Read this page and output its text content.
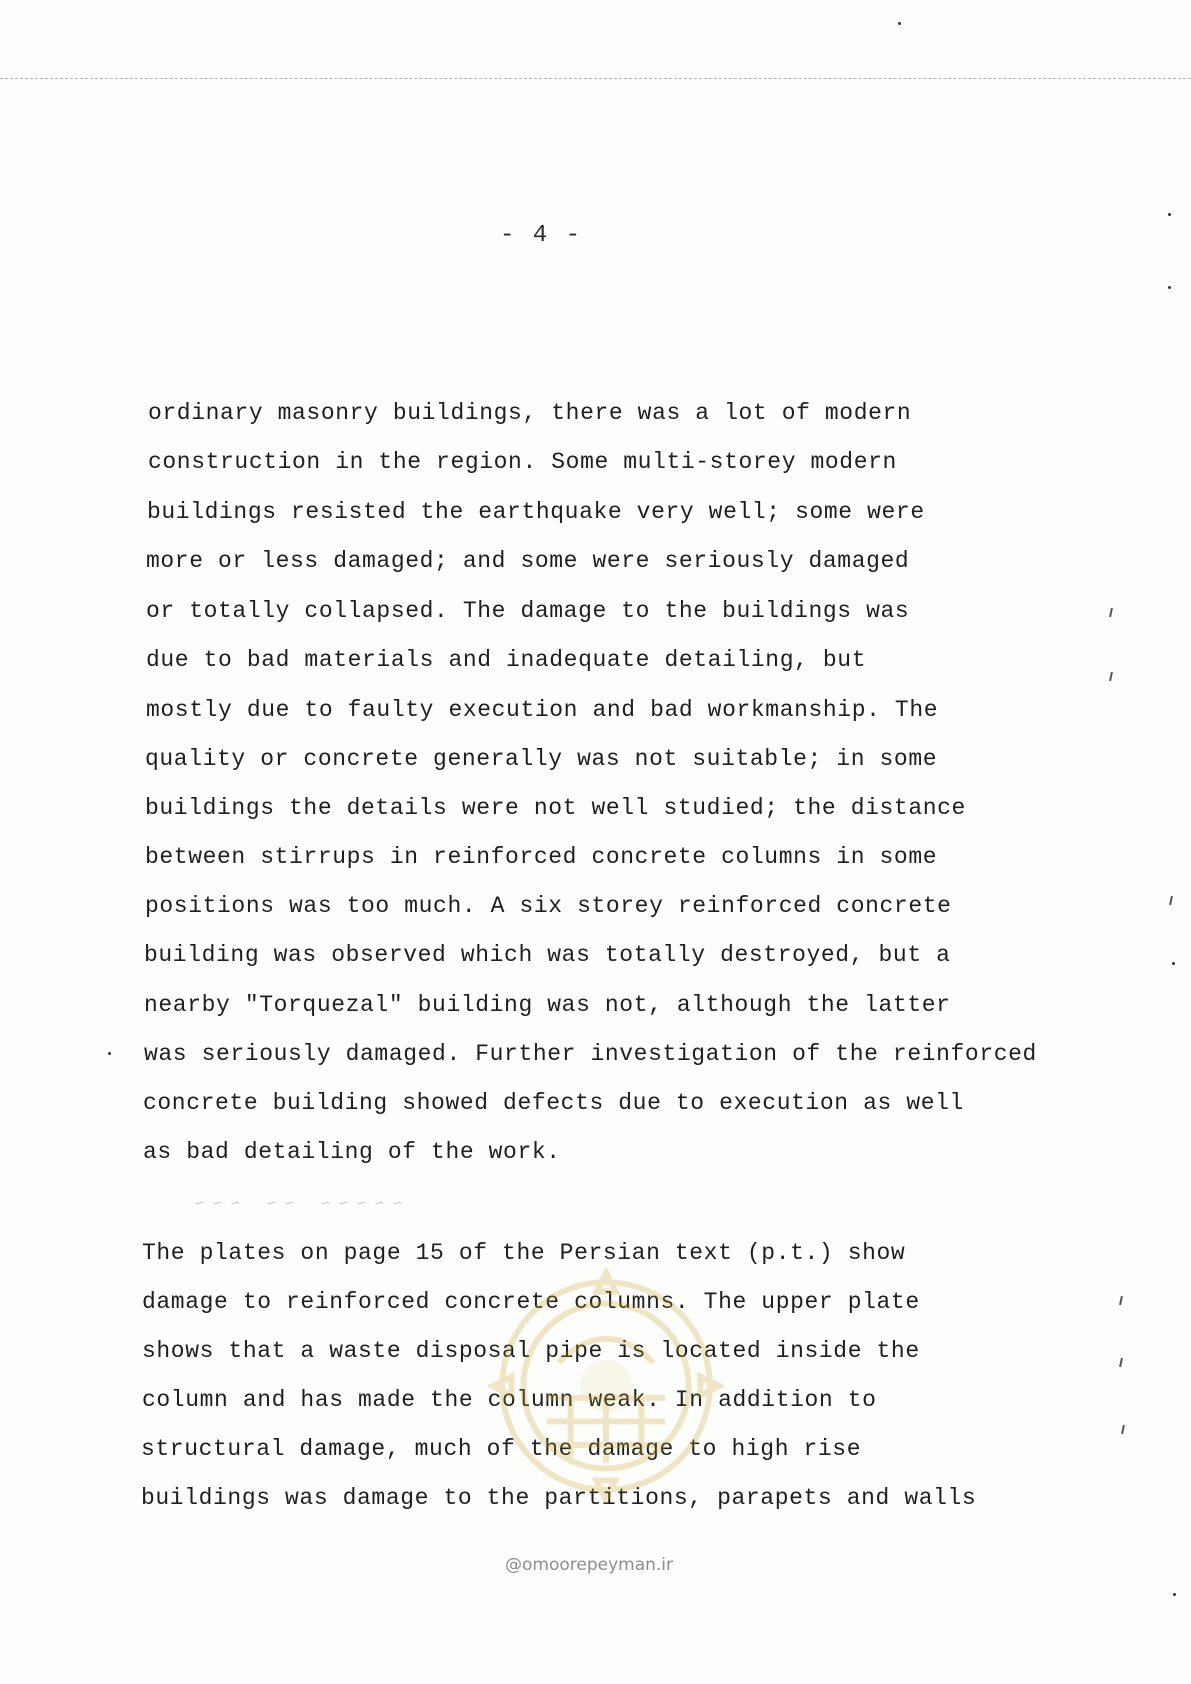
- 4 -
ordinary masonry buildings, there was a lot of modern
construction in the region. Some multi-storey modern
buildings resisted the earthquake very well; some were
more or less damaged; and some were seriously damaged
or totally collapsed. The damage to the buildings was
due to bad materials and inadequate detailing, but
mostly due to faulty execution and bad workmanship. The
quality or concrete generally was not suitable; in some
buildings the details were not well studied; the distance
between stirrups in reinforced concrete columns in some
positions was too much. A six storey reinforced concrete
building was observed which was totally destroyed, but a
nearby "Torquezal" building was not, although the latter
was seriously damaged. Further investigation of the reinforced
concrete building showed defects due to execution as well
as bad detailing of the work.
~ ~ ~ ~ ~   ~ ~   ~ ~ ~
The plates on page 15 of the Persian text (p.t.) show
damage to reinforced concrete columns. The upper plate
shows that a waste disposal pipe is located inside the
column and has made the column weak. In addition to
structural damage, much of the damage to high rise
buildings was damage to the partitions, parapets and walls
@omoorepeyman.ir
